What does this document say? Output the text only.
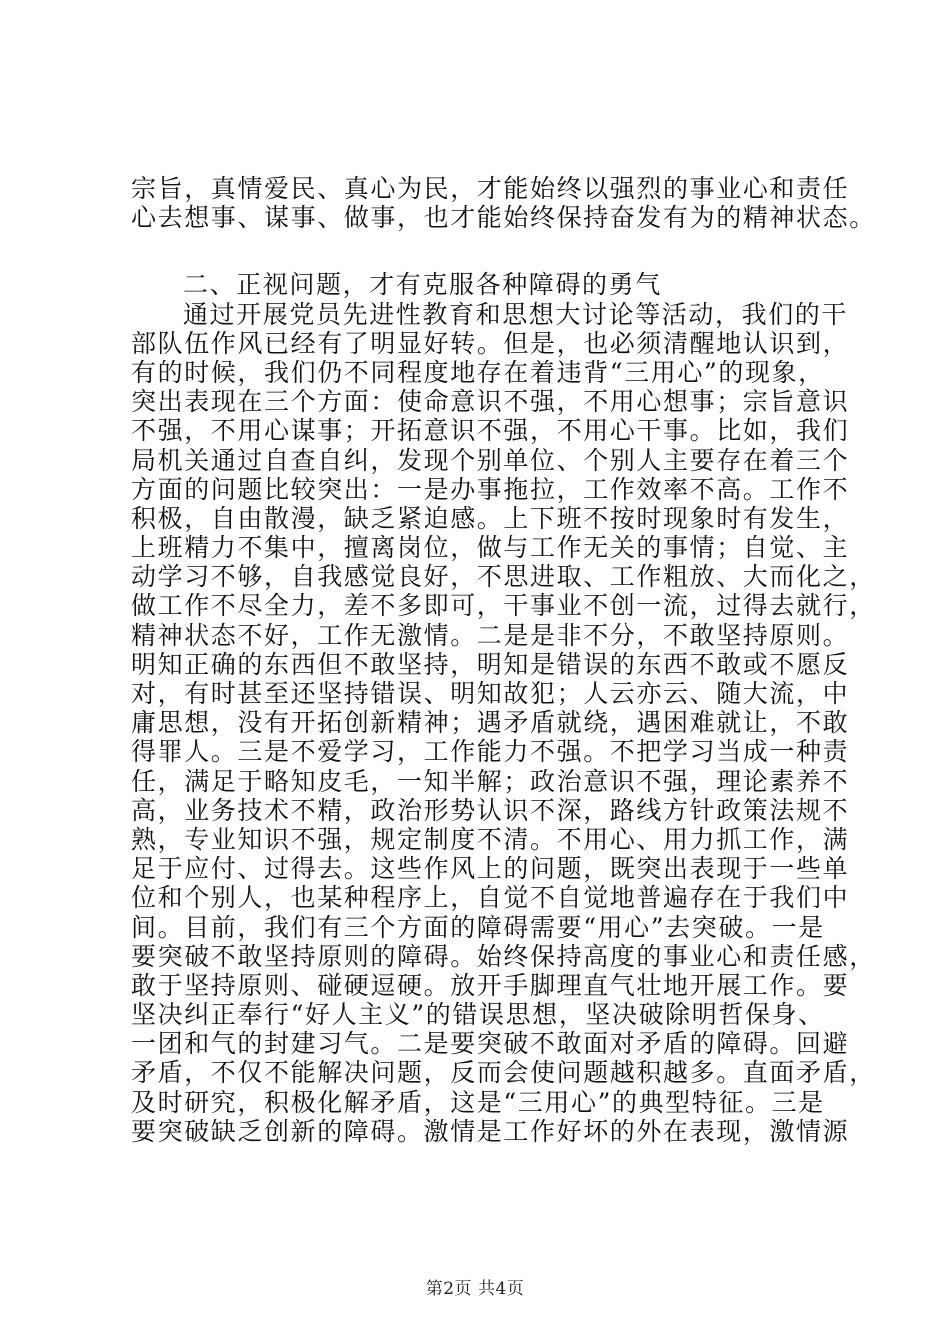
宗旨，真情爱民、真心为民，才能始终以强烈的事业心和责任
心去想事、谋事、做事，也才能始终保持奋发有为的精神状态。
二、正视问题，才有克服各种障碍的勇气
通过开展党员先进性教育和思想大讨论等活动，我们的干
部队伍作风已经有了明显好转。但是，也必须清醒地认识到，
有的时候，我们仍不同程度地存在着违背“三用心”的现象，
突出表现在三个方面：使命意识不强，不用心想事；宗旨意识
不强，不用心谋事；开拓意识不强，不用心干事。比如，我们
局机关通过自查自纠，发现个别单位、个别人主要存在着三个
方面的问题比较突出：一是办事拖拉，工作效率不高。工作不
积极，自由散漫，缺乏紧迫感。上下班不按时现象时有发生，
上班精力不集中，擅离岗位，做与工作无关的事情；自觉、主
动学习不够，自我感觉良好，不思进取、工作粗放、大而化之，
做工作不尽全力，差不多即可，干事业不创一流，过得去就行，
精神状态不好，工作无激情。二是是非不分，不敢坚持原则。
明知正确的东西但不敢坚持，明知是错误的东西不敢或不愿反
对，有时甚至还坚持错误、明知故犯；人云亦云、随大流，中
庸思想，没有开拓创新精神；遇矛盾就绕，遇困难就让，不敢
得罪人。三是不爱学习，工作能力不强。不把学习当成一种责
任，满足于略知皮毛，一知半解；政治意识不强，理论素养不
高，业务技术不精，政治形势认识不深，路线方针政策法规不
熟，专业知识不强，规定制度不清。不用心、用力抓工作，满
足于应付、过得去。这些作风上的问题，既突出表现于一些单
位和个别人，也某种程序上，自觉不自觉地普遍存在于我们中
间。目前，我们有三个方面的障碍需要“用心”去突破。一是
要突破不敢坚持原则的障碍。始终保持高度的事业心和责任感，
敢于坚持原则、碰硬逗硬。放开手脚理直气壮地开展工作。要
坚决纠正奉行“好人主义”的错误思想，坚决破除明哲保身、
一团和气的封建习气。二是要突破不敢面对矛盾的障碍。回避
矛盾，不仅不能解决问题，反而会使问题越积越多。直面矛盾，
及时研究，积极化解矛盾，这是“三用心”的典型特征。三是
要突破缺乏创新的障碍。激情是工作好坏的外在表现，激情源
第2页 共4页
